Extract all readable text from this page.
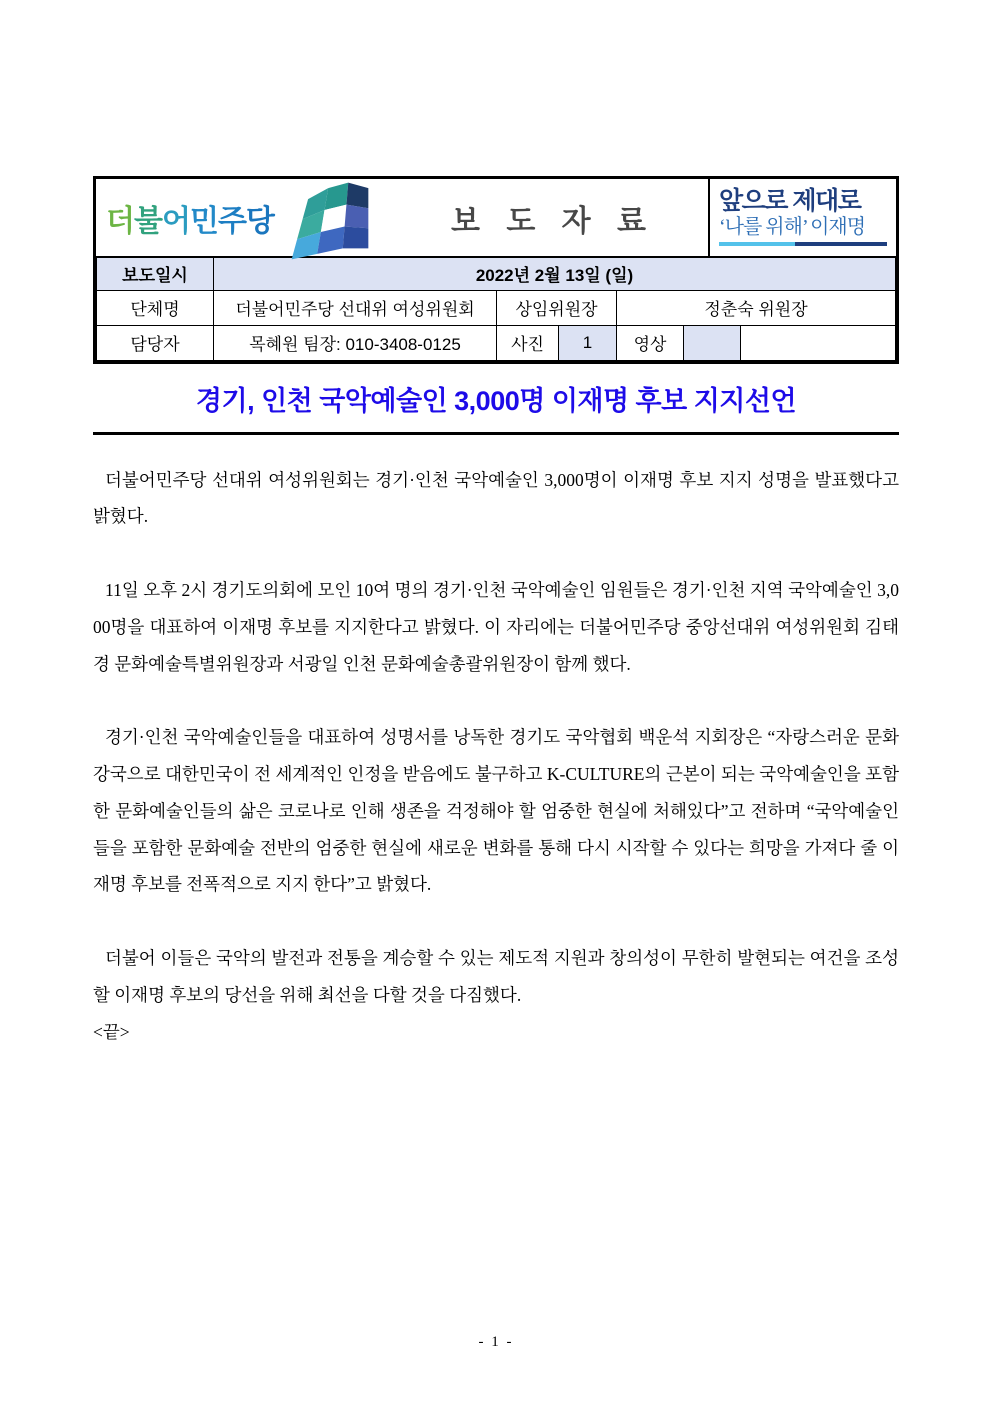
더불어민주당	보 도 자 료
앞으로 제대로
‘나를 위해’ 이재명
보도일시	2022년 2월 13일 (일)					
단체명	더불어민주당 선대위 여성위원회	상임위원장		정춘숙 위원장		
담당자	목혜원 팀장: 010-3408-0125	사진	1	영상		
경기, 인천 국악예술인 3,000명 이재명 후보 지지선언

더불어민주당 선대위 여성위원회는 경기·인천 국악예술인 3,000명이 이재명 후보 지지 성명을 발표했다고 밝혔다.

11일 오후 2시 경기도의회에 모인 10여 명의 경기·인천 국악예술인 임원들은 경기·인천 지역 국악예술인 3,000명을 대표하여 이재명 후보를 지지한다고 밝혔다. 이 자리에는 더불어민주당 중앙선대위 여성위원회 김태경 문화예술특별위원장과 서광일 인천 문화예술총괄위원장이 함께 했다.

경기·인천 국악예술인들을 대표하여 성명서를 낭독한 경기도 국악협회 백운석 지회장은 “자랑스러운 문화강국으로 대한민국이 전 세계적인 인정을 받음에도 불구하고 K-CULTURE의 근본이 되는 국악예술인을 포함한 문화예술인들의 삶은 코로나로 인해 생존을 걱정해야 할 엄중한 현실에 처해있다”고 전하며 “국악예술인들을 포함한 문화예술 전반의 엄중한 현실에 새로운 변화를 통해 다시 시작할 수 있다는 희망을 가져다 줄 이재명 후보를 전폭적으로 지지 한다”고 밝혔다.

더불어 이들은 국악의 발전과 전통을 계승할 수 있는 제도적 지원과 창의성이 무한히 발현되는 여건을 조성할 이재명 후보의 당선을 위해 최선을 다할 것을 다짐했다.

<끝>

- 1 -
